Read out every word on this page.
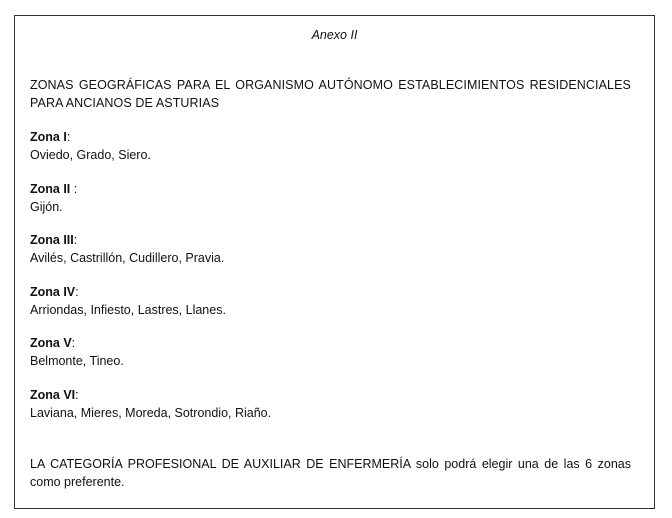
Anexo II
ZONAS GEOGRÁFICAS PARA EL ORGANISMO AUTÓNOMO ESTABLECIMIENTOS RESIDENCIALES PARA ANCIANOS DE ASTURIAS
Zona I:
Oviedo, Grado, Siero.
Zona II :
Gijón.
Zona III:
Avilés, Castrillón, Cudillero, Pravia.
Zona IV:
Arriondas, Infiesto, Lastres, Llanes.
Zona V:
Belmonte, Tineo.
Zona VI:
Laviana, Mieres, Moreda, Sotrondio, Riaño.
LA CATEGORÍA PROFESIONAL DE AUXILIAR DE ENFERMERÍA solo podrá elegir una de las 6 zonas como preferente.
